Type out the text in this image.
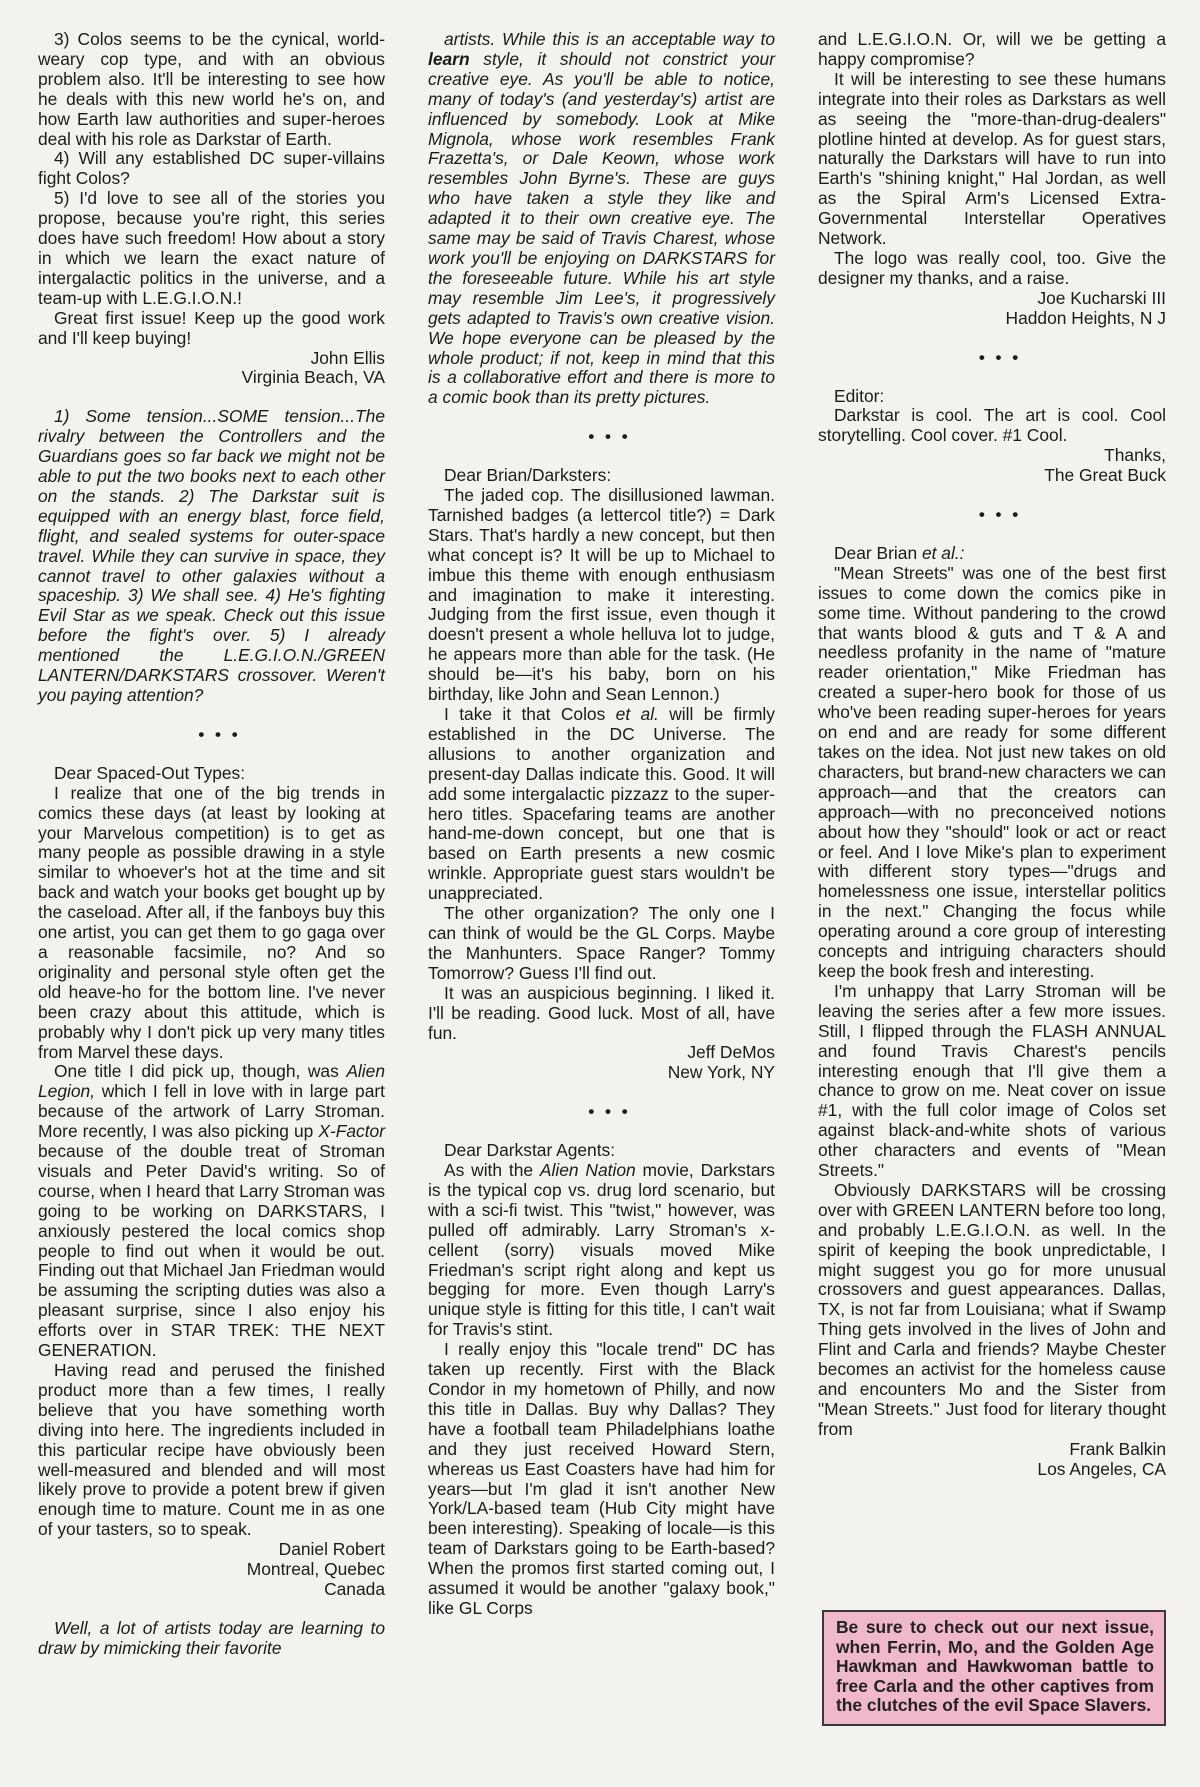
3) Colos seems to be the cynical, world-weary cop type, and with an obvious problem also. It'll be interesting to see how he deals with this new world he's on, and how Earth law authorities and super-heroes deal with his role as Darkstar of Earth.

4) Will any established DC super-villains fight Colos?

5) I'd love to see all of the stories you propose, because you're right, this series does have such freedom! How about a story in which we learn the exact nature of intergalactic politics in the universe, and a team-up with L.E.G.I.O.N.!

Great first issue! Keep up the good work and I'll keep buying!

John Ellis
Virginia Beach, VA

1) Some tension...SOME tension...The rivalry between the Controllers and the Guardians goes so far back we might not be able to put the two books next to each other on the stands. 2) The Darkstar suit is equipped with an energy blast, force field, flight, and sealed systems for outer-space travel. While they can survive in space, they cannot travel to other galaxies without a spaceship. 3) We shall see. 4) He's fighting Evil Star as we speak. Check out this issue before the fight's over. 5) I already mentioned the L.E.G.I.O.N./GREEN LANTERN/DARKSTARS crossover. Weren't you paying attention?

• • •

Dear Spaced-Out Types:

I realize that one of the big trends in comics these days (at least by looking at your Marvelous competition) is to get as many people as possible drawing in a style similar to whoever's hot at the time and sit back and watch your books get bought up by the caseload. After all, if the fanboys buy this one artist, you can get them to go gaga over a reasonable facsimile, no? And so originality and personal style often get the old heave-ho for the bottom line. I've never been crazy about this attitude, which is probably why I don't pick up very many titles from Marvel these days.

One title I did pick up, though, was Alien Legion, which I fell in love with in large part because of the artwork of Larry Stroman. More recently, I was also picking up X-Factor because of the double treat of Stroman visuals and Peter David's writing. So of course, when I heard that Larry Stroman was going to be working on DARKSTARS, I anxiously pestered the local comics shop people to find out when it would be out. Finding out that Michael Jan Friedman would be assuming the scripting duties was also a pleasant surprise, since I also enjoy his efforts over in STAR TREK: THE NEXT GENERATION.

Having read and perused the finished product more than a few times, I really believe that you have something worth diving into here. The ingredients included in this particular recipe have obviously been well-measured and blended and will most likely prove to provide a potent brew if given enough time to mature. Count me in as one of your tasters, so to speak.

Daniel Robert
Montreal, Quebec
Canada

Well, a lot of artists today are learning to draw by mimicking their favorite

artists. While this is an acceptable way to learn style, it should not constrict your creative eye. As you'll be able to notice, many of today's (and yesterday's) artist are influenced by somebody. Look at Mike Mignola, whose work resembles Frank Frazetta's, or Dale Keown, whose work resembles John Byrne's. These are guys who have taken a style they like and adapted it to their own creative eye. The same may be said of Travis Charest, whose work you'll be enjoying on DARKSTARS for the foreseeable future. While his art style may resemble Jim Lee's, it progressively gets adapted to Travis's own creative vision. We hope everyone can be pleased by the whole product; if not, keep in mind that this is a collaborative effort and there is more to a comic book than its pretty pictures.

• • •

Dear Brian/Darksters:

The jaded cop. The disillusioned lawman. Tarnished badges (a lettercol title?) = Dark Stars. That's hardly a new concept, but then what concept is? It will be up to Michael to imbue this theme with enough enthusiasm and imagination to make it interesting. Judging from the first issue, even though it doesn't present a whole helluva lot to judge, he appears more than able for the task. (He should be—it's his baby, born on his birthday, like John and Sean Lennon.)

I take it that Colos et al. will be firmly established in the DC Universe. The allusions to another organization and present-day Dallas indicate this. Good. It will add some intergalactic pizzazz to the super-hero titles. Spacefaring teams are another hand-me-down concept, but one that is based on Earth presents a new cosmic wrinkle. Appropriate guest stars wouldn't be unappreciated.

The other organization? The only one I can think of would be the GL Corps. Maybe the Manhunters. Space Ranger? Tommy Tomorrow? Guess I'll find out.

It was an auspicious beginning. I liked it. I'll be reading. Good luck. Most of all, have fun.

Jeff DeMos
New York, NY

• • •

Dear Darkstar Agents:

As with the Alien Nation movie, Darkstars is the typical cop vs. drug lord scenario, but with a sci-fi twist. This "twist," however, was pulled off admirably. Larry Stroman's x-cellent (sorry) visuals moved Mike Friedman's script right along and kept us begging for more. Even though Larry's unique style is fitting for this title, I can't wait for Travis's stint.

I really enjoy this "locale trend" DC has taken up recently. First with the Black Condor in my hometown of Philly, and now this title in Dallas. Buy why Dallas? They have a football team Philadelphians loathe and they just received Howard Stern, whereas us East Coasters have had him for years—but I'm glad it isn't another New York/LA-based team (Hub City might have been interesting). Speaking of locale—is this team of Darkstars going to be Earth-based? When the promos first started coming out, I assumed it would be another "galaxy book," like GL Corps

and L.E.G.I.O.N. Or, will we be getting a happy compromise?

It will be interesting to see these humans integrate into their roles as Darkstars as well as seeing the "more-than-drug-dealers" plotline hinted at develop. As for guest stars, naturally the Darkstars will have to run into Earth's "shining knight," Hal Jordan, as well as the Spiral Arm's Licensed Extra-Governmental Interstellar Operatives Network.

The logo was really cool, too. Give the designer my thanks, and a raise.

Joe Kucharski III
Haddon Heights, N J

• • •

Editor:

Darkstar is cool. The art is cool. Cool storytelling. Cool cover. #1 Cool.

Thanks,
The Great Buck

• • •

Dear Brian et al.:

"Mean Streets" was one of the best first issues to come down the comics pike in some time. Without pandering to the crowd that wants blood & guts and T & A and needless profanity in the name of "mature reader orientation," Mike Friedman has created a super-hero book for those of us who've been reading super-heroes for years on end and are ready for some different takes on the idea. Not just new takes on old characters, but brand-new characters we can approach—and that the creators can approach—with no preconceived notions about how they "should" look or act or react or feel. And I love Mike's plan to experiment with different story types—"drugs and homelessness one issue, interstellar politics in the next." Changing the focus while operating around a core group of interesting concepts and intriguing characters should keep the book fresh and interesting.

I'm unhappy that Larry Stroman will be leaving the series after a few more issues. Still, I flipped through the FLASH ANNUAL and found Travis Charest's pencils interesting enough that I'll give them a chance to grow on me. Neat cover on issue #1, with the full color image of Colos set against black-and-white shots of various other characters and events of "Mean Streets."

Obviously DARKSTARS will be crossing over with GREEN LANTERN before too long, and probably L.E.G.I.O.N. as well. In the spirit of keeping the book unpredictable, I might suggest you go for more unusual crossovers and guest appearances. Dallas, TX, is not far from Louisiana; what if Swamp Thing gets involved in the lives of John and Flint and Carla and friends? Maybe Chester becomes an activist for the homeless cause and encounters Mo and the Sister from "Mean Streets." Just food for literary thought from

Frank Balkin
Los Angeles, CA
Be sure to check out our next issue, when Ferrin, Mo, and the Golden Age Hawkman and Hawkwoman battle to free Carla and the other captives from the clutches of the evil Space Slavers.
